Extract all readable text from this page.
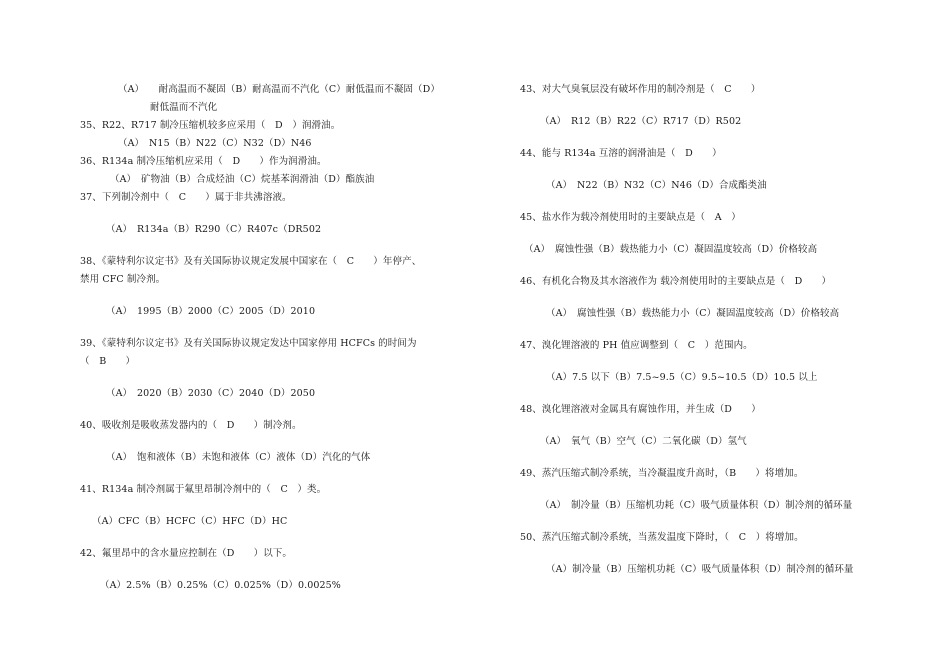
（A）　　耐高温而不凝固（B）耐高温而不汽化（C）耐低温而不凝固（D）
耐低温而不汽化
35、R22、R717 制冷压缩机较多应采用（　D　）润滑油。
（A）　N15（B）N22（C）N32（D）N46
36、R134a 制冷压缩机应采用（　D　　）作为润滑油。
（A）　矿物油（B）合成烃油（C）烷基苯润滑油（D）酯族油
37、下列制冷剂中（　C　　）属于非共沸溶液。
（A）　R134a（B）R290（C）R407c（DR502
38、《蒙特利尔议定书》及有关国际协议规定发展中国家在（　C　　）年停产、
禁用 CFC 制冷剂。
（A）　1995（B）2000（C）2005（D）2010
39、《蒙特利尔议定书》及有关国际协议规定发达中国家停用 HCFCs 的时间为
（　B　　）
（A）　2020（B）2030（C）2040（D）2050
40、吸收剂是吸收蒸发器内的（　D　　）制冷剂。
（A）　饱和液体（B）未饱和液体（C）液体（D）汽化的气体
41、R134a 制冷剂属于氟里昂制冷剂中的（　C　）类。
（A）CFC（B）HCFC（C）HFC（D）HC
42、氟里昂中的含水量应控制在（D　　）以下。
（A）2.5%（B）0.25%（C）0.025%（D）0.0025%
43、对大气臭氧层没有破坏作用的制冷剂是（　C　　）
（A）　R12（B）R22（C）R717（D）R502
44、能与 R134a 互溶的润滑油是（　D　　）
（A）　N22（B）N32（C）N46（D）合成酯类油
45、盐水作为载冷剂使用时的主要缺点是（　A　）
（A）　腐蚀性强（B）载热能力小（C）凝固温度较高（D）价格较高
46、有机化合物及其水溶液作为 载冷剂使用时的主要缺点是（　D　　）
（A）　腐蚀性强（B）载热能力小（C）凝固温度较高（D）价格较高
47、溴化锂溶液的 PH 值应调整到（　C　）范围内。
（A）7.5 以下（B）7.5~9.5（C）9.5~10.5（D）10.5 以上
48、溴化锂溶液对金属具有腐蚀作用，并生成（D　　）
（A）　氧气（B）空气（C）二氧化碳（D）氢气
49、蒸汽压缩式制冷系统，当冷凝温度升高时，（B　　）将增加。
（A）　制冷量（B）压缩机功耗（C）吸气质量体积（D）制冷剂的循环量
50、蒸汽压缩式制冷系统，当蒸发温度下降时，（　C　）将增加。
（A）制冷量（B）压缩机功耗（C）吸气质量体积（D）制冷剂的循环量
